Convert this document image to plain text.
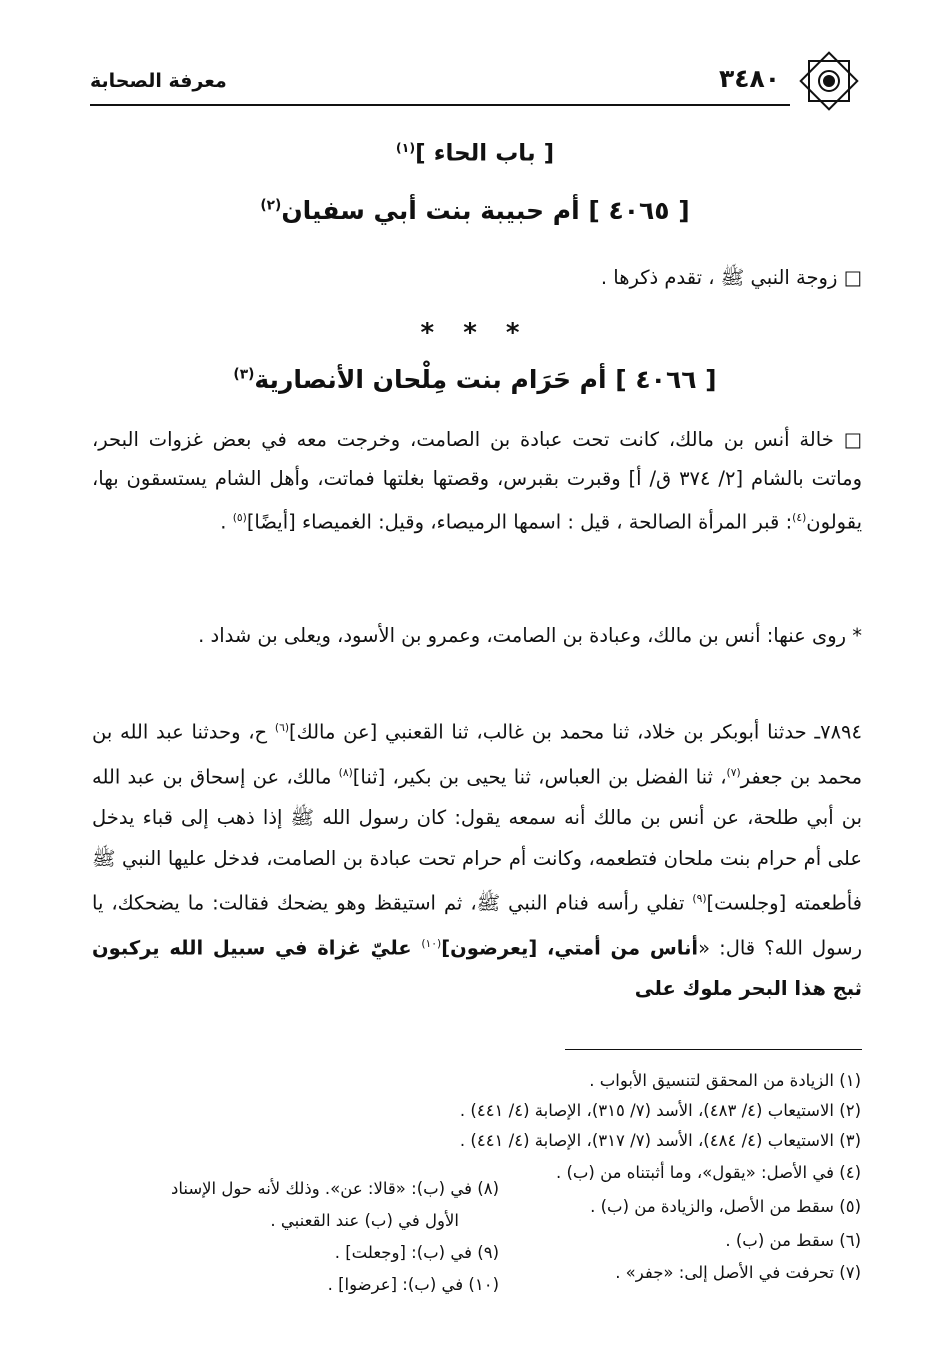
٣٤٨٠
معرفة الصحابة
[ باب الحاء ]$^{(١)}$
[ ٤٠٦٥ ] أم حبيبة بنت أبي سفيان$^{(٢)}$
□ زوجة النبي ﷺ ، تقدم ذكرها .
* * *
[ ٤٠٦٦ ] أم حَرَام بنت مِلْحان الأنصارية$^{(٣)}$
□ خالة أنس بن مالك، كانت تحت عبادة بن الصامت، وخرجت معه في بعض غزوات البحر، وماتت بالشام [٢/ ٣٧٤ ق/ أ] وقبرت بقبرس، وقصتها بغلتها فماتت، وأهل الشام يستسقون بها، يقولون$^{(٤)}$: قبر المرأة الصالحة ، قيل : اسمها الرميصاء، وقيل: الغميصاء [أيضًا]$^{(٥)}$ .
* روى عنها: أنس بن مالك، وعبادة بن الصامت، وعمرو بن الأسود، ويعلى بن شداد .
٧٨٩٤ـ حدثنا أبوبكر بن خلاد، ثنا محمد بن غالب، ثنا القعنبي [عن مالك]$^{(٦)}$ ح، وحدثنا عبد الله بن محمد بن جعفر$^{(٧)}$، ثنا الفضل بن العباس، ثنا يحيى بن بكير، [ثنا]$^{(٨)}$ مالك، عن إسحاق بن عبد الله بن أبي طلحة، عن أنس بن مالك أنه سمعه يقول: كان رسول الله ﷺ إذا ذهب إلى قباء يدخل على أم حرام بنت ملحان فتطعمه، وكانت أم حرام تحت عبادة بن الصامت، فدخل عليها النبي ﷺ فأطعمته [وجلست]$^{(٩)}$ تفلي رأسه فنام النبي ﷺ، ثم استيقظ وهو يضحك فقالت: ما يضحكك، يا رسول الله؟ قال: «أناس من أمتي، [يعرضون]$^{(١٠)}$ عليّ غزاة في سبيل الله يركبون ثبج هذا البحر ملوك على
(١) الزيادة من المحقق لتنسيق الأبواب .
(٢) الاستيعاب (٤/ ٤٨٣)، الأسد (٧/ ٣١٥)، الإصابة (٤/ ٤٤١) .
(٣) الاستيعاب (٤/ ٤٨٤)، الأسد (٧/ ٣١٧)، الإصابة (٤/ ٤٤١) .
(٤) في الأصل: «يقول»، وما أثبتناه من (ب) .
(٥) سقط من الأصل، والزيادة من (ب) .
(٦) سقط من (ب) .
(٧) تحرفت في الأصل إلى: «جفر» .
(٨) في (ب): «قالا: عن». وذلك لأنه حول الإسناد
الأول في (ب) عند القعنبي .
(٩) في (ب): [وجعلت] .
(١٠) في (ب): [عرضوا] .
